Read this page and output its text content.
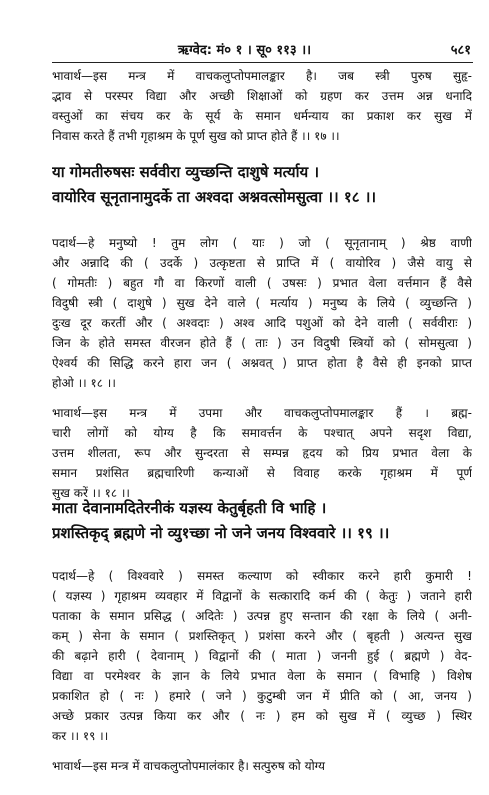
ऋग्वेद: मं० १ । सू० ११३ ।।	५८१
भावार्थ—इस मन्त्र में वाचकलुप्तोपमालङ्कार है। जब स्त्री पुरुष सुहृ-
द्भाव से परस्पर विद्या और अच्छी शिक्षाओं को ग्रहण कर उत्तम अन्न धनादि
वस्तुओं का संचय कर के सूर्य के समान धर्मन्याय का प्रकाश कर सुख में
निवास करते हैं तभी गृहाश्रम के पूर्ण सुख को प्राप्त होते हैं ।। १७ ।।
या गोमतीरुषसः सर्ववीरा व्युच्छन्ति दाशुषे मर्त्याय ।
वायोरिव सूनृतानामुदर्के ता अश्वदा अश्नवत्सोमसुत्वा ।। १८ ।।
पदार्थ—हे मनुष्यो ! तुम लोग ( याः ) जो ( सूनृतानाम् ) श्रेष्ठ वाणी
और अन्नादि की ( उदर्के ) उत्कृष्टता से प्राप्ति में ( वायोरिव ) जैसे वायु से
( गोमतीः ) बहुत गौ वा किरणों वाली ( उषसः ) प्रभात वेला वर्त्तमान हैं वैसे
विदुषी स्त्री ( दाशुषे ) सुख देने वाले ( मर्त्याय ) मनुष्य के लिये ( व्युच्छन्ति )
दुःख दूर करतीं और ( अश्वदाः ) अश्व आदि पशुओं को देने वाली ( सर्ववीराः )
जिन के होते समस्त वीरजन होते हैं ( ताः ) उन विदुषी स्त्रियों को ( सोमसुत्वा )
ऐश्वर्य की सिद्धि करने हारा जन ( अश्नवत् ) प्राप्त होता है वैसे ही इनको प्राप्त
होओ ।। १८ ।।
भावार्थ—इस मन्त्र में उपमा और वाचकलुप्तोपमालङ्कार हैं । ब्रह्म-
चारी लोगों को योग्य है कि समावर्त्तन के पश्चात् अपने सदृश विद्या,
उत्तम शीलता, रूप और सुन्दरता से सम्पन्न हृदय को प्रिय प्रभात वेला के
समान प्रशंसित ब्रह्मचारिणी कन्याओं से विवाह करके गृहाश्रम में पूर्ण
सुख करें ।। १८ ।।
माता देवानामदितेरनीकं यज्ञस्य केतुर्बृहती वि भाहि ।
प्रशस्तिकृद् ब्रह्मणे नो व्यु१च्छा नो जने जनय विश्ववारे ।। १९ ।।
पदार्थ—हे ( विश्ववारे ) समस्त कल्याण को स्वीकार करने हारी कुमारी !
( यज्ञस्य ) गृहाश्रम व्यवहार में विद्वानों के सत्कारादि कर्म की ( केतुः ) जताने हारी
पताका के समान प्रसिद्ध ( अदितेः ) उत्पन्न हुए सन्तान की रक्षा के लिये ( अनी-
कम् ) सेना के समान ( प्रशस्तिकृत् ) प्रशंसा करने और ( बृहती ) अत्यन्त सुख
की बढ़ाने हारी ( देवानाम् ) विद्वानों की ( माता ) जननी हुई ( ब्रह्मणे ) वेद-
विद्या वा परमेश्वर के ज्ञान के लिये प्रभात वेला के समान ( विभाहि ) विशेष
प्रकाशित हो ( नः ) हमारे ( जने ) कुटुम्बी जन में प्रीति को ( आ, जनय )
अच्छे प्रकार उत्पन्न किया कर और ( नः ) हम को सुख में ( व्युच्छ ) स्थिर
कर ।। १९ ।।
भावार्थ—इस मन्त्र में वाचकलुप्तोपमालंकार है। सत्पुरुष को योग्य
